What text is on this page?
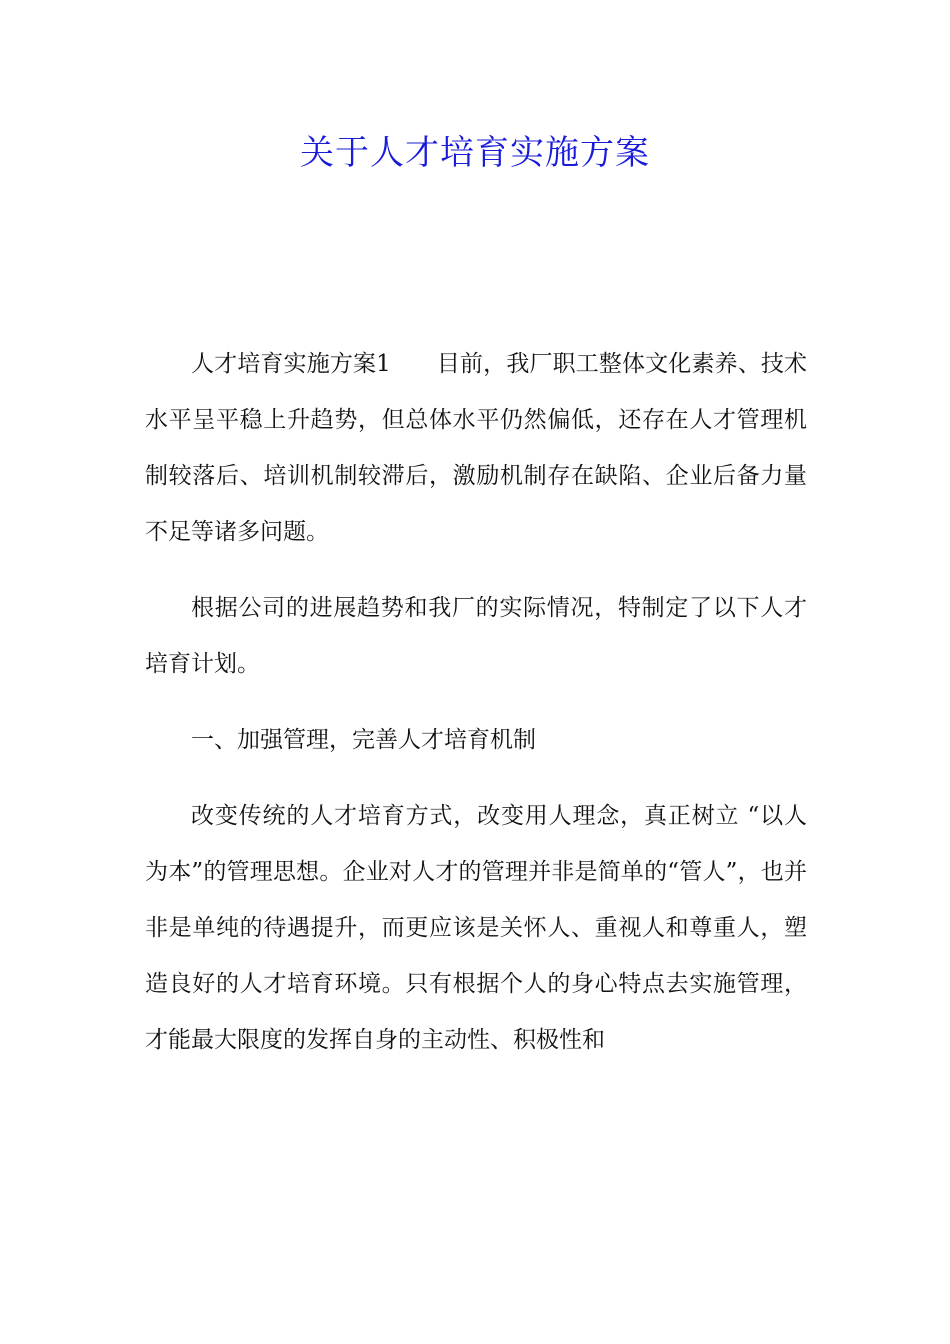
关于人才培育实施方案

人才培育实施方案1 目前，我厂职工整体文化素养、技术水平呈平稳上升趋势，但总体水平仍然偏低，还存在人才管理机制较落后、培训机制较滞后，激励机制存在缺陷、企业后备力量不足等诸多问题。

根据公司的进展趋势和我厂的实际情况，特制定了以下人才培育计划。

一、加强管理，完善人才培育机制

改变传统的人才培育方式，改变用人理念，真正树立 “以人为本”的管理思想。企业对人才的管理并非是简单的“管人”，也并非是单纯的待遇提升，而更应该是关怀人、重视人和尊重人，塑造良好的人才培育环境。只有根据个人的身心特点去实施管理，才能最大限度的发挥自身的主动性、积极性和
